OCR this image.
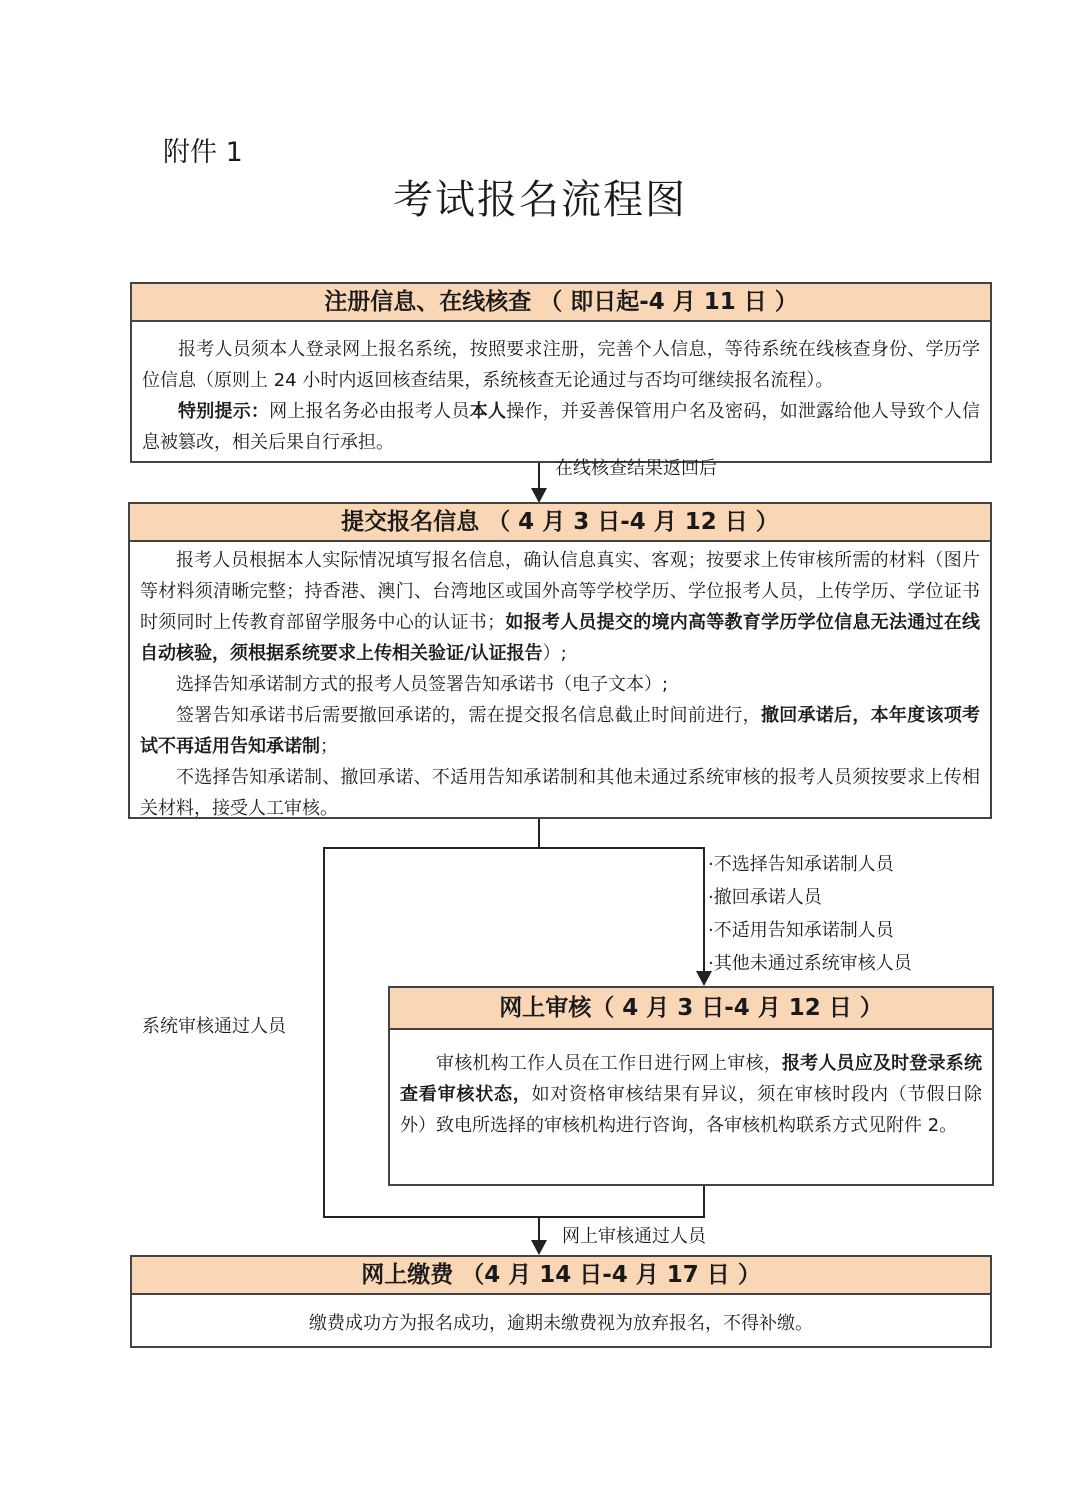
附件 1
考试报名流程图
注册信息、在线核查 （ 即日起-4 月 11 日 ）

报考人员须本人登录网上报名系统，按照要求注册，完善个人信息，等待系统在线核查身份、学历学位信息（原则上 24 小时内返回核查结果，系统核查无论通过与否均可继续报名流程）。

特别提示：网上报名务必由报考人员本人操作，并妥善保管用户名及密码，如泄露给他人导致个人信息被篡改，相关后果自行承担。

在线核查结果返回后
提交报名信息 （ 4 月 3 日-4 月 12 日 ）

报考人员根据本人实际情况填写报名信息，确认信息真实、客观；按要求上传审核所需的材料（图片等材料须清晰完整；持香港、澳门、台湾地区或国外高等学校学历、学位报考人员，上传学历、学位证书时须同时上传教育部留学服务中心的认证书；如报考人员提交的境内高等教育学历学位信息无法通过在线自动核验，须根据系统要求上传相关验证/认证报告）;

选择告知承诺制方式的报考人员签署告知承诺书（电子文本）;

签署告知承诺书后需要撤回承诺的，需在提交报名信息截止时间前进行，撤回承诺后，本年度该项考试不再适用告知承诺制；

不选择告知承诺制、撤回承诺、不适用告知承诺制和其他未通过系统审核的报考人员须按要求上传相关材料，接受人工审核。

系统审核通过人员
·不选择告知承诺制人员
·撤回承诺人员
·不适用告知承诺制人员
·其他未通过系统审核人员
网上审核（ 4 月 3 日-4 月 12 日 ）

审核机构工作人员在工作日进行网上审核，报考人员应及时登录系统查看审核状态，如对资格审核结果有异议，须在审核时段内（节假日除外）致电所选择的审核机构进行咨询，各审核机构联系方式见附件 2。

网上审核通过人员
网上缴费 （4 月 14 日-4 月 17 日 ）

缴费成功方为报名成功，逾期未缴费视为放弃报名，不得补缴。
